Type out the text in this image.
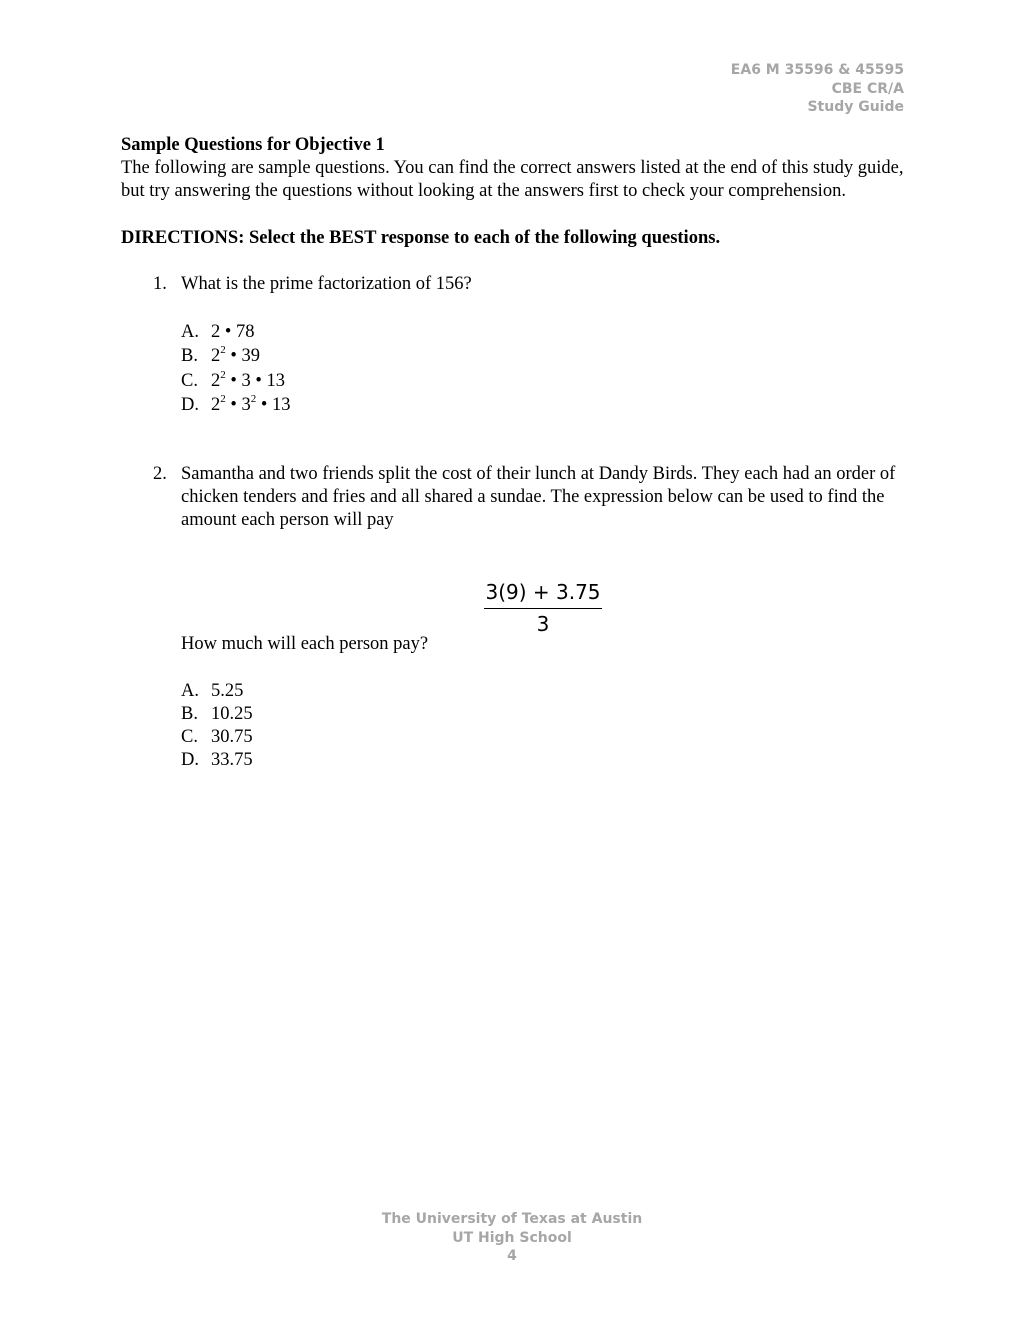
EA6 M 35596 & 45595
CBE CR/A
Study Guide
Sample Questions for Objective 1
The following are sample questions. You can find the correct answers listed at the end of this study guide, but try answering the questions without looking at the answers first to check your comprehension.
DIRECTIONS: Select the BEST response to each of the following questions.
1. What is the prime factorization of 156?
A. 2 • 78
B. $2^2$ • 39
C. $2^2$ • 3 • 13
D. $2^2$ • $3^2$ • 13
2. Samantha and two friends split the cost of their lunch at Dandy Birds. They each had an order of chicken tenders and fries and all shared a sundae. The expression below can be used to find the amount each person will pay
How much will each person pay?
A. 5.25
B. 10.25
C. 30.75
D. 33.75
$\frac{3(9) + 3.75}{3}$
The University of Texas at Austin
UT High School
4
